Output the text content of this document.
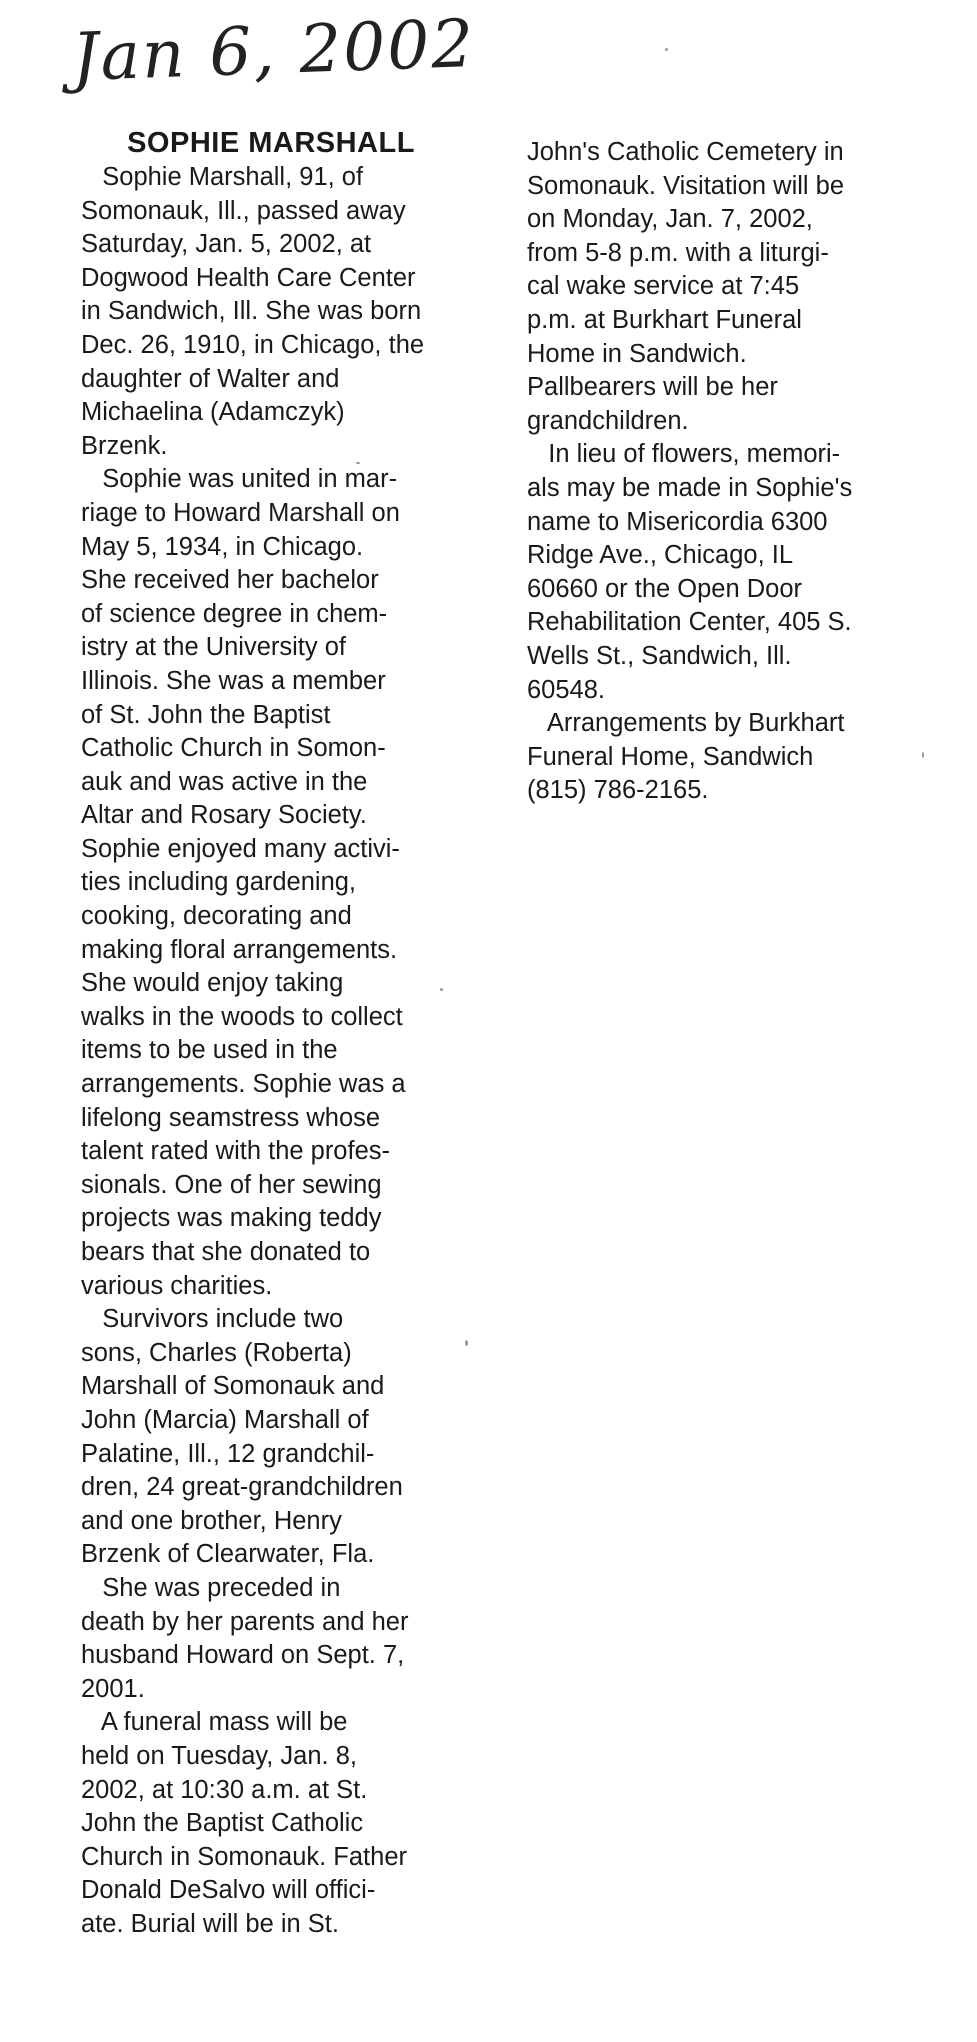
Jan 6, 2002
SOPHIE MARSHALL
Sophie Marshall, 91, of
Somonauk, Ill., passed away
Saturday, Jan. 5, 2002, at
Dogwood Health Care Center
in Sandwich, Ill. She was born
Dec. 26, 1910, in Chicago, the
daughter of Walter and
Michaelina (Adamczyk)
Brzenk.
Sophie was united in mar-
riage to Howard Marshall on
May 5, 1934, in Chicago.
She received her bachelor
of science degree in chem-
istry at the University of
Illinois. She was a member
of St. John the Baptist
Catholic Church in Somon-
auk and was active in the
Altar and Rosary Society.
Sophie enjoyed many activi-
ties including gardening,
cooking, decorating and
making floral arrangements.
She would enjoy taking
walks in the woods to collect
items to be used in the
arrangements. Sophie was a
lifelong seamstress whose
talent rated with the profes-
sionals. One of her sewing
projects was making teddy
bears that she donated to
various charities.
Survivors include two
sons, Charles (Roberta)
Marshall of Somonauk and
John (Marcia) Marshall of
Palatine, Ill., 12 grandchil-
dren, 24 great-grandchildren
and one brother, Henry
Brzenk of Clearwater, Fla.
She was preceded in
death by her parents and her
husband Howard on Sept. 7,
2001.
A funeral mass will be
held on Tuesday, Jan. 8,
2002, at 10:30 a.m. at St.
John the Baptist Catholic
Church in Somonauk. Father
Donald DeSalvo will offici-
ate. Burial will be in St.
John's Catholic Cemetery in
Somonauk. Visitation will be
on Monday, Jan. 7, 2002,
from 5-8 p.m. with a liturgi-
cal wake service at 7:45
p.m. at Burkhart Funeral
Home in Sandwich.
Pallbearers will be her
grandchildren.
In lieu of flowers, memori-
als may be made in Sophie's
name to Misericordia 6300
Ridge Ave., Chicago, IL
60660 or the Open Door
Rehabilitation Center, 405 S.
Wells St., Sandwich, Ill.
60548.
Arrangements by Burkhart
Funeral Home, Sandwich
(815) 786-2165.
